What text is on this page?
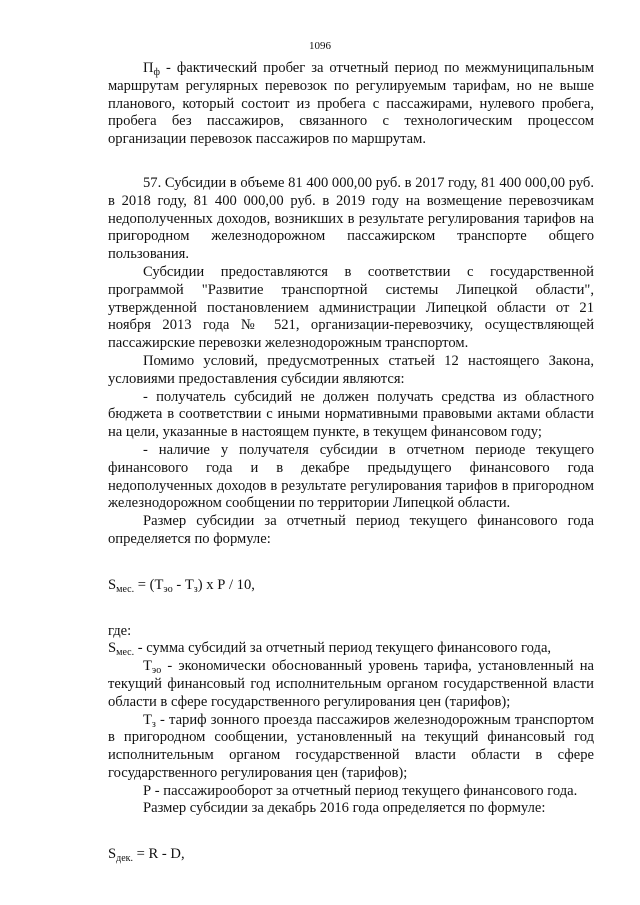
1096

$П_ф$ - фактический пробег за отчетный период по межмуниципальным маршрутам регулярных перевозок по регулируемым тарифам, но не выше планового, который состоит из пробега с пассажирами, нулевого пробега, пробега без пассажиров, связанного с технологическим процессом организации перевозок пассажиров по маршрутам.

57. Субсидии в объеме 81 400 000,00 руб. в 2017 году, 81 400 000,00 руб. в 2018 году, 81 400 000,00 руб. в 2019 году на возмещение перевозчикам недополученных доходов, возникших в результате регулирования тарифов на пригородном железнодорожном пассажирском транспорте общего пользования.

Субсидии предоставляются в соответствии с государственной программой "Развитие транспортной системы Липецкой области", утвержденной постановлением администрации Липецкой области от 21 ноября 2013 года № 521, организации-перевозчику, осуществляющей пассажирские перевозки железнодорожным транспортом.

Помимо условий, предусмотренных статьей 12 настоящего Закона, условиями предоставления субсидии являются:

- получатель субсидий не должен получать средства из областного бюджета в соответствии с иными нормативными правовыми актами области на цели, указанные в настоящем пункте, в текущем финансовом году;

- наличие у получателя субсидии в отчетном периоде текущего финансового года и в декабре предыдущего финансового года недополученных доходов в результате регулирования тарифов в пригородном железнодорожном сообщении по территории Липецкой области.

Размер субсидии за отчетный период текущего финансового года определяется по формуле:

$S_{мес.} = (Т_{эо} - Т_з)$ х Р / 10,

где:

$S_{мес.}$ - сумма субсидий за отчетный период текущего финансового года,

$Т_{эо}$ - экономически обоснованный уровень тарифа, установленный на текущий финансовый год исполнительным органом государственной власти области в сфере государственного регулирования цен (тарифов);

$Т_з$ - тариф зонного проезда пассажиров железнодорожным транспортом в пригородном сообщении, установленный на текущий финансовый год исполнительным органом государственной власти области в сфере государственного регулирования цен (тарифов);

Р - пассажирооборот за отчетный период текущего финансового года.

Размер субсидии за декабрь 2016 года определяется по формуле:

$S_{дек.} = R - D$,
